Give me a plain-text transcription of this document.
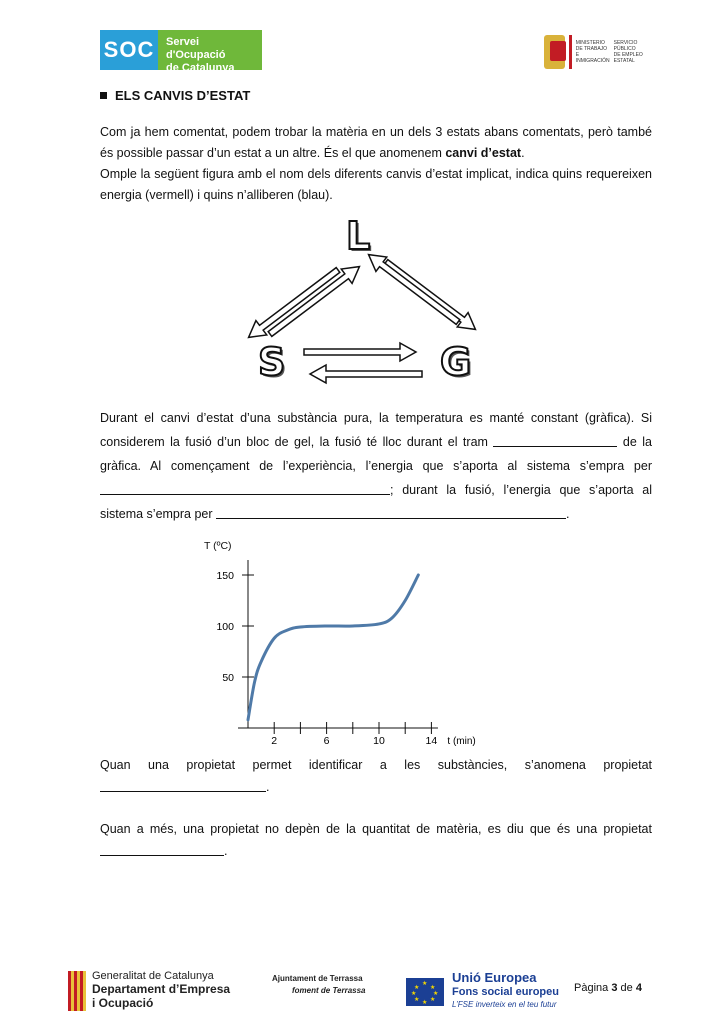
SOC	Servei d'Ocupació
de Catalunya
MINISTERIO
DE TRABAJO
E INMIGRACIÓN
SERVICIO PÚBLICO
DE EMPLEO ESTATAL
ELS CANVIS D’ESTAT

Com ja hem comentat, podem trobar la matèria en un dels 3 estats abans comentats, però també és possible passar d’un estat a un altre. És el que anomenem canvi d’estat.

Omple la següent figura amb el nom dels diferents canvis d’estat implicat, indica quins requereixen energia (vermell) i quins n’alliberen (blau).

L
S	G
Durant el canvi d’estat d’una substància pura, la temperatura es manté constant (gràfica). Si considerem la fusió d’un bloc de gel, la fusió té lloc durant el tram	de la gràfica. Al començament de l’experiència, l’energia que s’aporta al sistema s’empra per ; durant la fusió, l’energia que s’aporta al sistema s’empra per	.
T (ºC)
50
100
150
2	6	10	14 t (min)
Quan una propietat permet identificar a les substàncies, s’anomena propietat .
Quan a més, una propietat no depèn de la quantitat de matèria, es diu que és una propietat .
Generalitat de Catalunya
Departament d’Empresa
i Ocupació
Ajuntament de Terrassa
foment de Terrassa
★
★
★
★
★
★
★
★
Unió Europea
Fons social europeu
L’FSE inverteix en el teu futur
Pàgina 3 de 4
